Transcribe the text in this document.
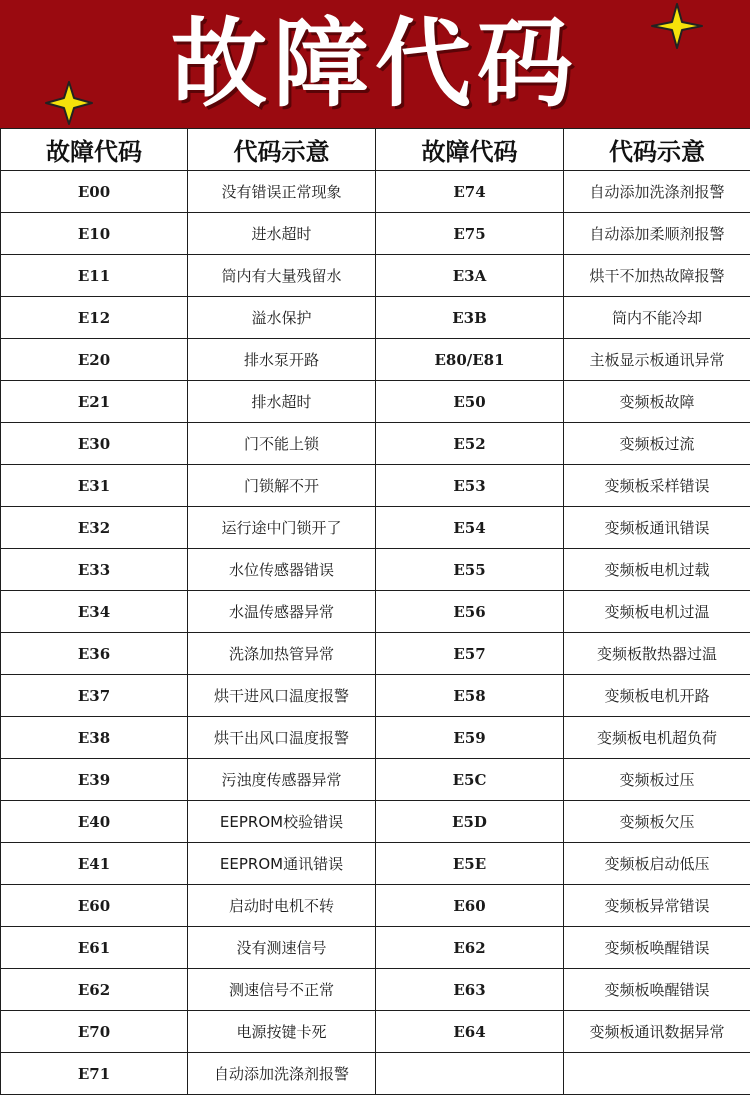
故障代码
故障代码	代码示意	故障代码	代码示意
E00	没有错误正常现象	E74	自动添加洗涤剂报警
E10	进水超时	E75	自动添加柔顺剂报警
E11	筒内有大量残留水	E3A	烘干不加热故障报警
E12	溢水保护	E3B	筒内不能冷却
E20	排水泵开路	E80/E81	主板显示板通讯异常
E21	排水超时	E50	变频板故障
E30	门不能上锁	E52	变频板过流
E31	门锁解不开	E53	变频板采样错误
E32	运行途中门锁开了	E54	变频板通讯错误
E33	水位传感器错误	E55	变频板电机过载
E34	水温传感器异常	E56	变频板电机过温
E36	洗涤加热管异常	E57	变频板散热器过温
E37	烘干进风口温度报警	E58	变频板电机开路
E38	烘干出风口温度报警	E59	变频板电机超负荷
E39	污浊度传感器异常	E5C	变频板过压
E40	EEPROM校验错误	E5D	变频板欠压
E41	EEPROM通讯错误	E5E	变频板启动低压
E60	启动时电机不转	E60	变频板异常错误
E61	没有测速信号	E62	变频板唤醒错误
E62	测速信号不正常	E63	变频板唤醒错误
E70	电源按键卡死	E64	变频板通讯数据异常
E71	自动添加洗涤剂报警		
